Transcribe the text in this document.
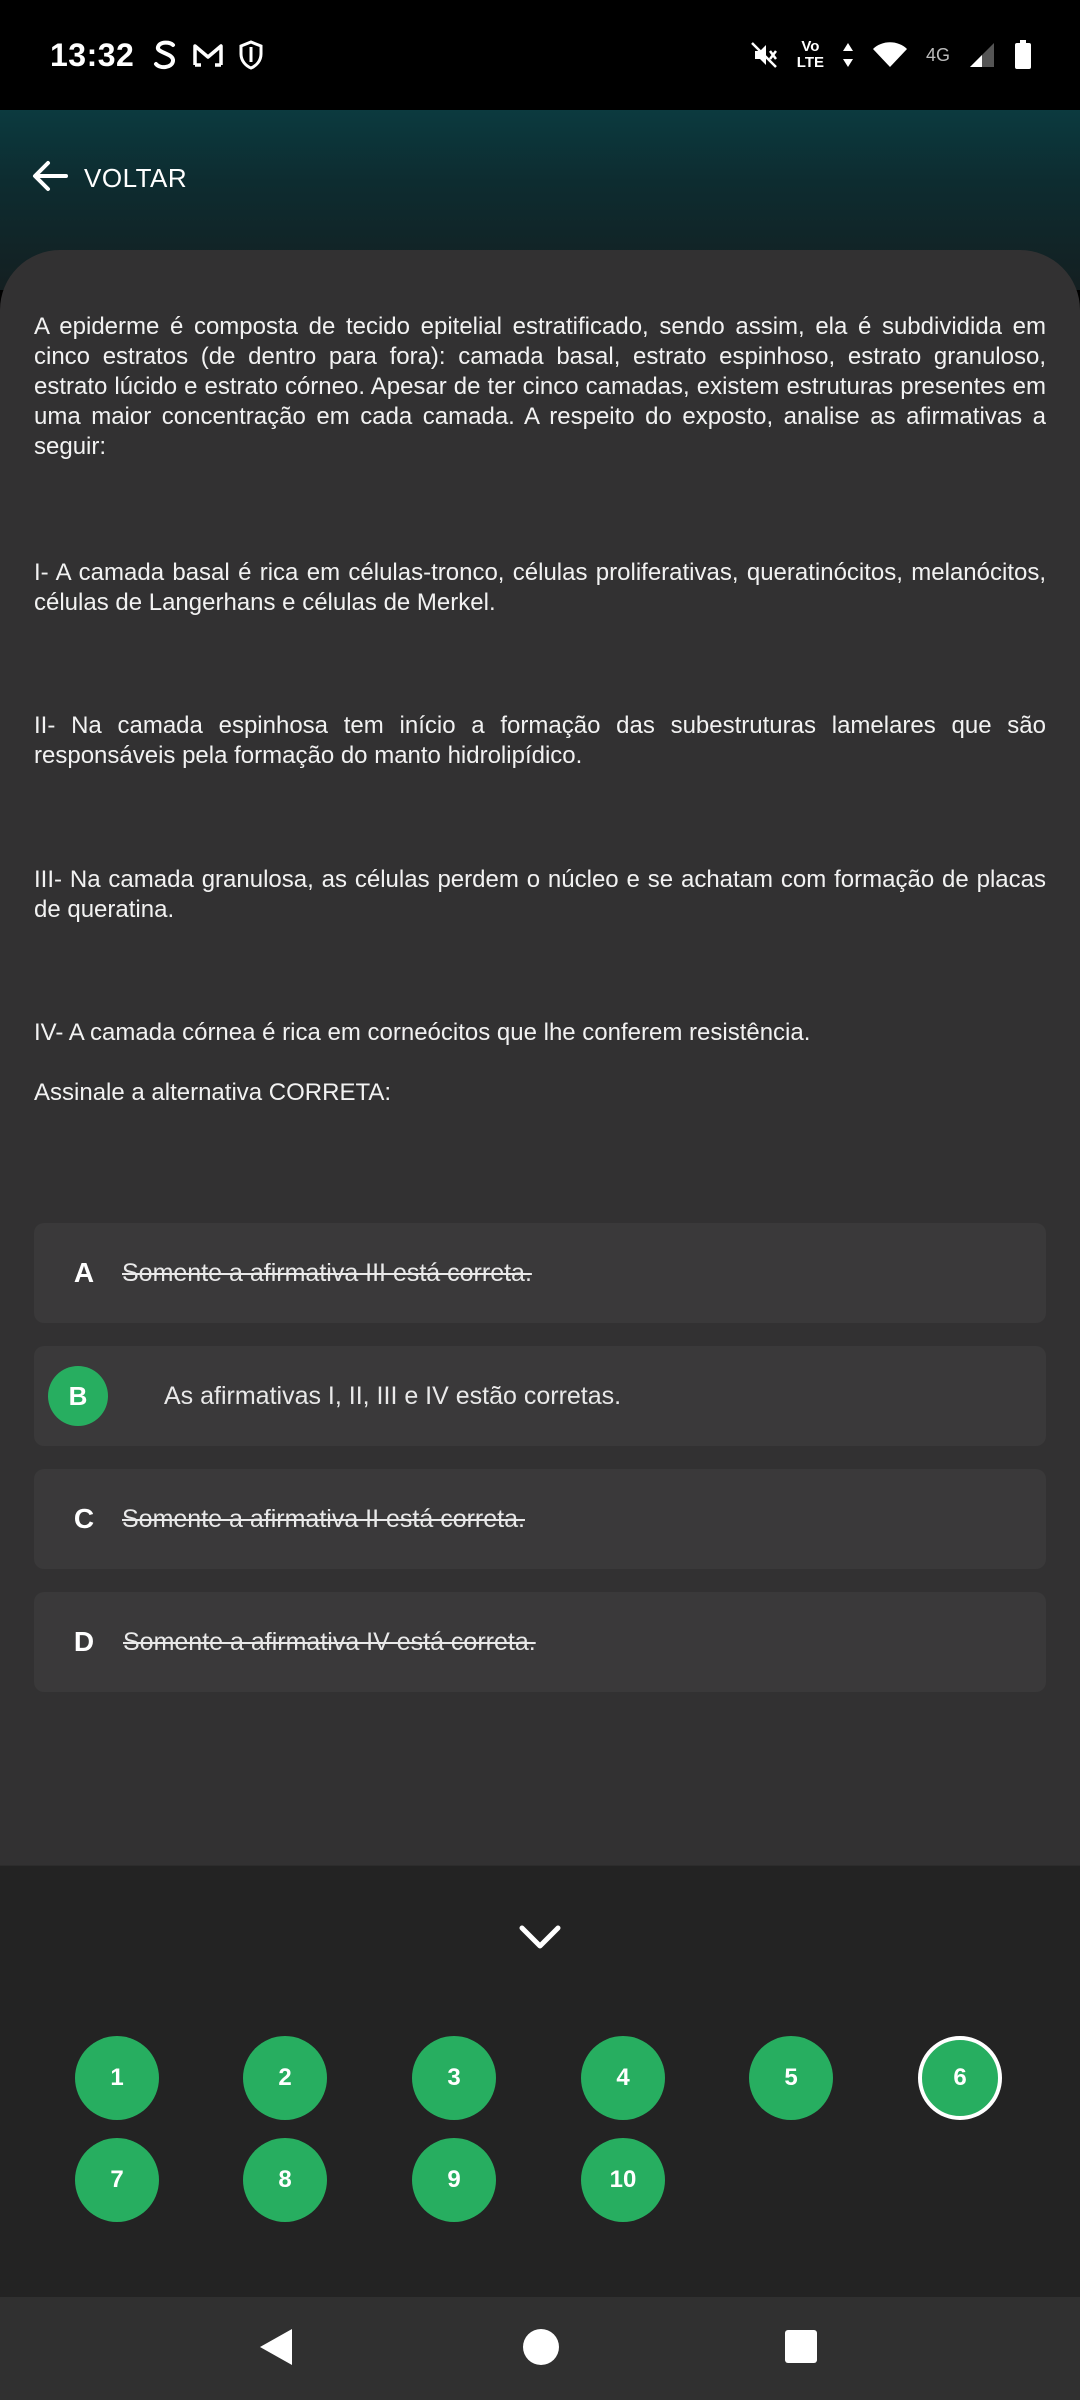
13:32	Vo
LTE	4G
VOLTAR

A epiderme é composta de tecido epitelial estratificado, sendo assim, ela é subdividida em cinco estratos (de dentro para fora): camada basal, estrato espinhoso, estrato granuloso, estrato lúcido e estrato córneo. Apesar de ter cinco camadas, existem estruturas presentes em uma maior concentração em cada camada. A respeito do exposto, analise as afirmativas a seguir:

I- A camada basal é rica em células-tronco, células proliferativas, queratinócitos, melanócitos, células de Langerhans e células de Merkel.

II- Na camada espinhosa tem início a formação das subestruturas lamelares que são responsáveis pela formação do manto hidrolipídico.

III- Na camada granulosa, as células perdem o núcleo e se achatam com formação de placas de queratina.

IV- A camada córnea é rica em corneócitos que lhe conferem resistência.

Assinale a alternativa CORRETA:

A	Somente a afirmativa III está correta.
B	As afirmativas I, II, III e IV estão corretas.
C	Somente a afirmativa II está correta.
D	Somente a afirmativa IV está correta.
1	2	3	4	5	6
7	8	9	10
